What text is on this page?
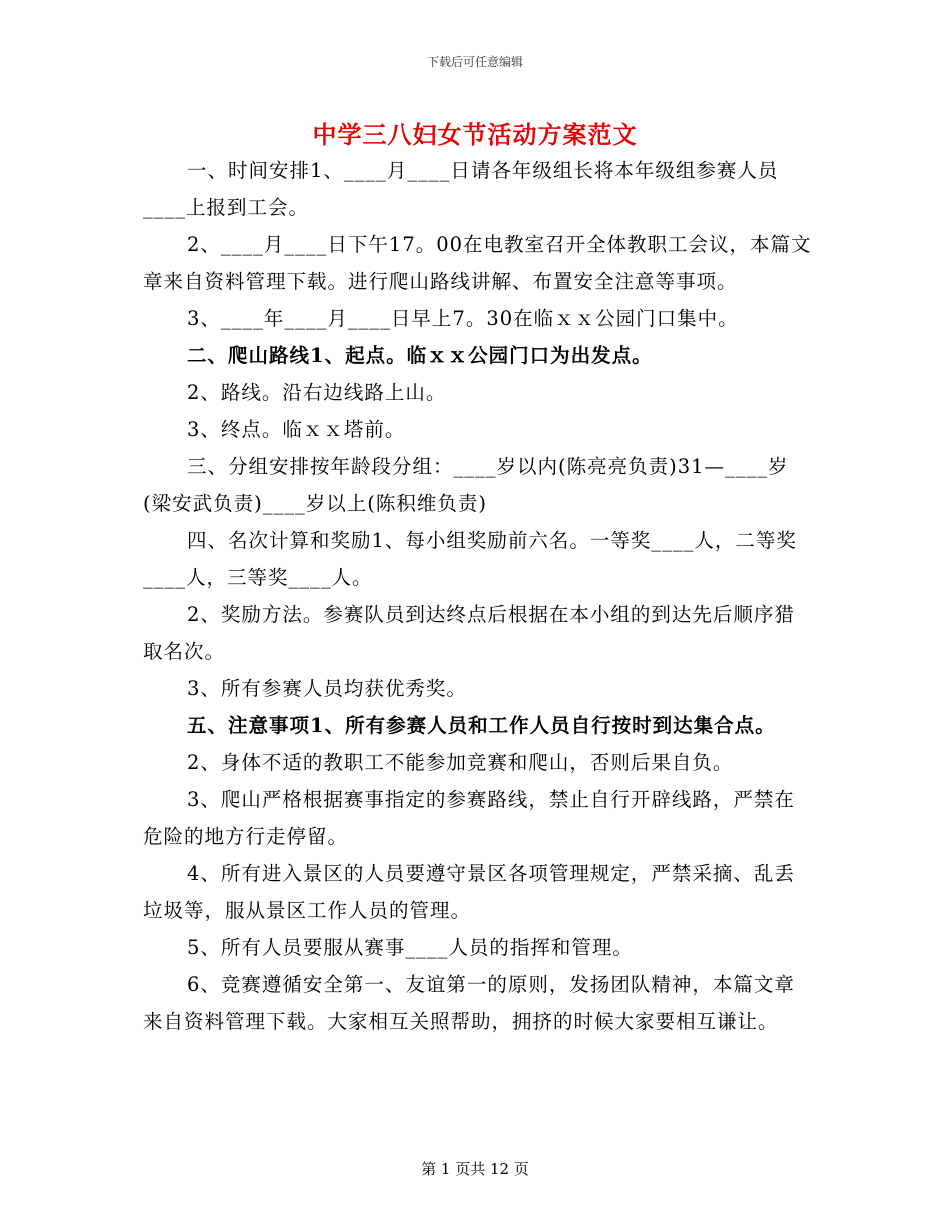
下载后可任意编辑
中学三八妇女节活动方案范文

一、时间安排1、____月____日请各年级组长将本年级组参赛人员____上报到工会。

2、____月____日下午17。00在电教室召开全体教职工会议，本篇文章来自资料管理下载。进行爬山路线讲解、布置安全注意等事项。

3、____年____月____日早上7。30在临ｘｘ公园门口集中。

二、爬山路线1、起点。临ｘｘ公园门口为出发点。

2、路线。沿右边线路上山。

3、终点。临ｘｘ塔前。

三、分组安排按年龄段分组：____岁以内(陈亮亮负责)31—____岁(梁安武负责)____岁以上(陈积维负责)

四、名次计算和奖励1、每小组奖励前六名。一等奖____人，二等奖____人，三等奖____人。

2、奖励方法。参赛队员到达终点后根据在本小组的到达先后顺序猎取名次。

3、所有参赛人员均获优秀奖。

五、注意事项1、所有参赛人员和工作人员自行按时到达集合点。

2、身体不适的教职工不能参加竞赛和爬山，否则后果自负。

3、爬山严格根据赛事指定的参赛路线，禁止自行开辟线路，严禁在危险的地方行走停留。

4、所有进入景区的人员要遵守景区各项管理规定，严禁采摘、乱丢垃圾等，服从景区工作人员的管理。

5、所有人员要服从赛事____人员的指挥和管理。

6、竞赛遵循安全第一、友谊第一的原则，发扬团队精神，本篇文章来自资料管理下载。大家相互关照帮助，拥挤的时候大家要相互谦让。

第 1 页共 12 页
